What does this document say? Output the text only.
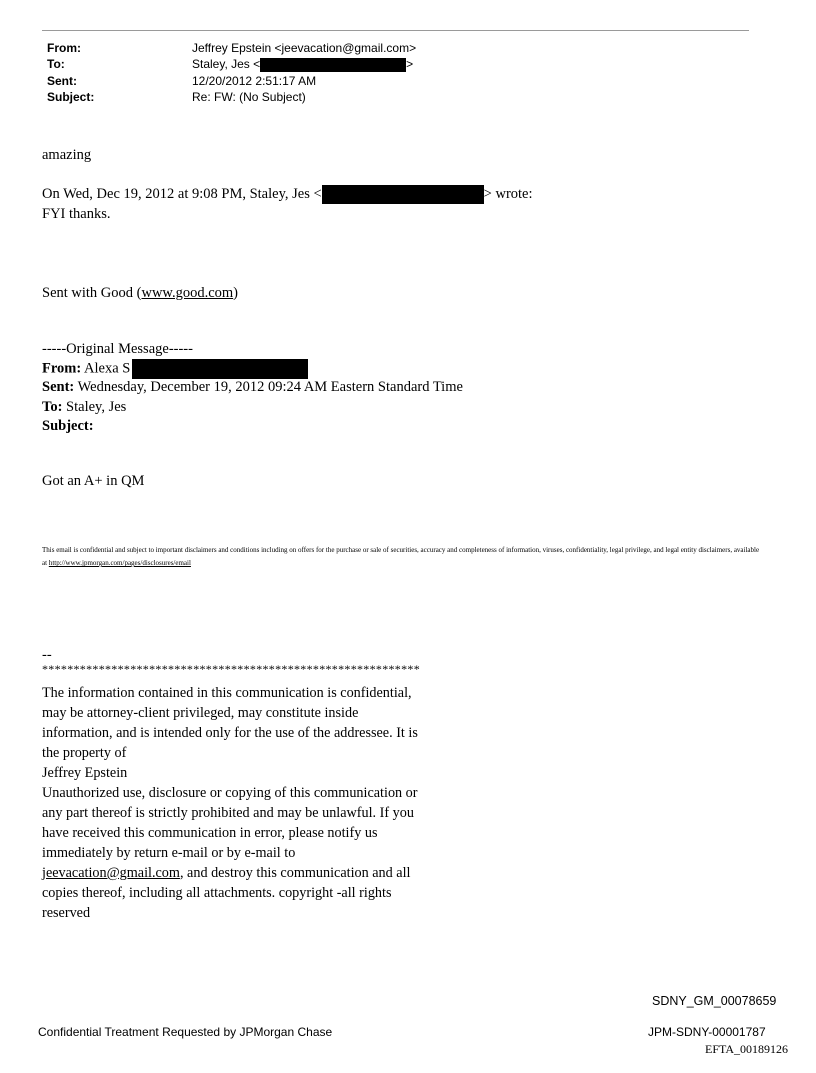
From:	Jeffrey Epstein <jeevacation@gmail.com>
To:	Staley, Jes <	>
Sent:	12/20/2012 2:51:17 AM
Subject:	Re: FW: (No Subject)
amazing
On Wed, Dec 19, 2012 at 9:08 PM, Staley, Jes <	> wrote:
FYI thanks.
Sent with Good (www.good.com)
-----Original Message-----
From: Alexa S
Sent: Wednesday, December 19, 2012 09:24 AM Eastern Standard Time
To: Staley, Jes
Subject:
Got an A+ in QM
This email is confidential and subject to important disclaimers and conditions including on offers for the purchase or sale of securities, accuracy and completeness of information, viruses, confidentiality, legal privilege, and legal entity disclaimers, available at http://www.jpmorgan.com/pages/disclosures/email
--
************************************************************
The information contained in this communication is confidential, may be attorney-client privileged, may constitute inside information, and is intended only for the use of the addressee. It is the property of
Jeffrey Epstein
Unauthorized use, disclosure or copying of this communication or any part thereof is strictly prohibited and may be unlawful. If you have received this communication in error, please notify us immediately by return e-mail or by e-mail to jeevacation@gmail.com, and destroy this communication and all copies thereof, including all attachments. copyright -all rights reserved
SDNY_GM_00078659
Confidential Treatment Requested by JPMorgan Chase	JPM-SDNY-00001787
EFTA_00189126
